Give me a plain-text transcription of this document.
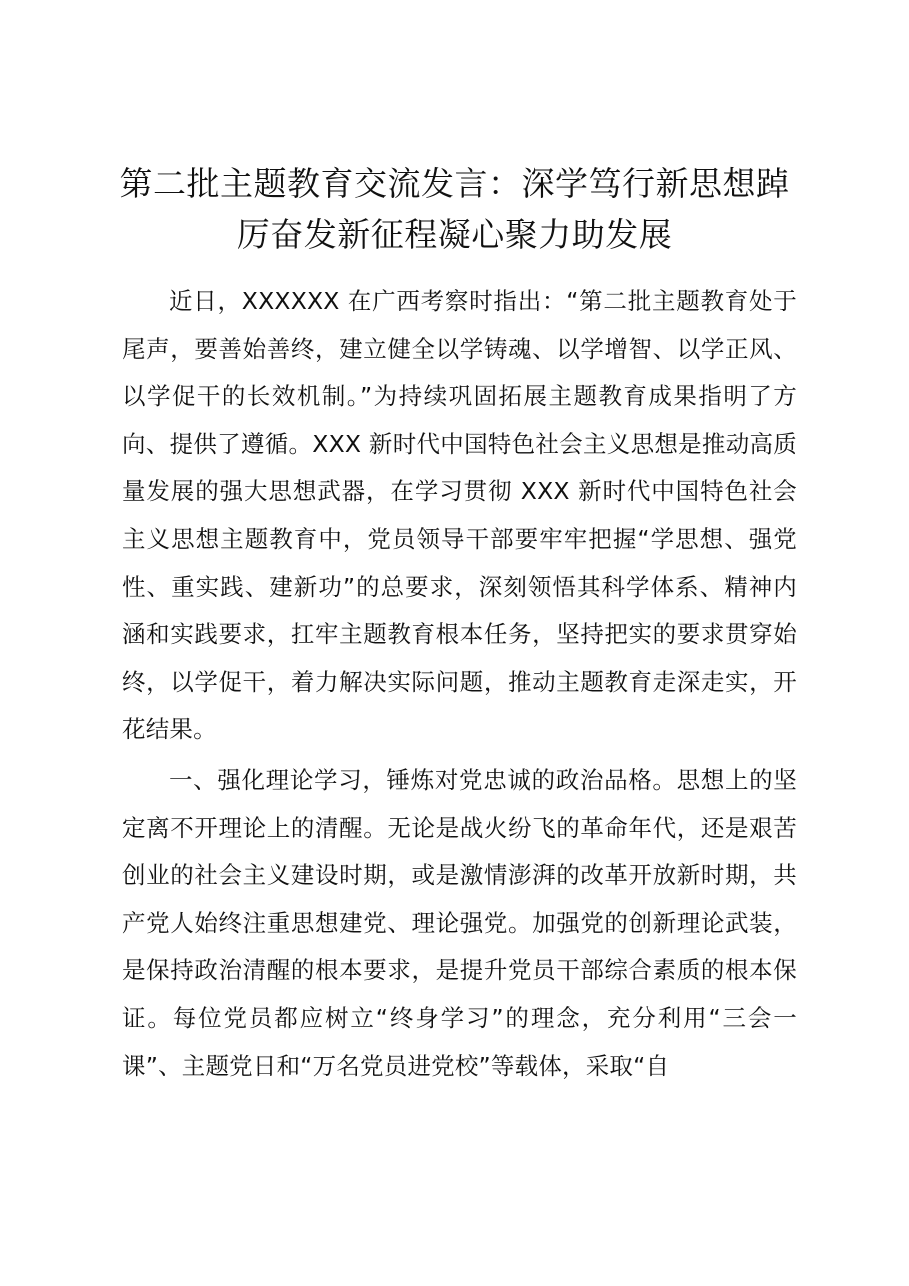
第二批主题教育交流发言：深学笃行新思想踔
厉奋发新征程凝心聚力助发展

近日，XXXXXX 在广西考察时指出：“第二批主题教育处于尾声，要善始善终，建立健全以学铸魂、以学增智、以学正风、以学促干的长效机制。”为持续巩固拓展主题教育成果指明了方向、提供了遵循。XXX 新时代中国特色社会主义思想是推动高质量发展的强大思想武器，在学习贯彻 XXX 新时代中国特色社会主义思想主题教育中，党员领导干部要牢牢把握“学思想、强党性、重实践、建新功”的总要求，深刻领悟其科学体系、精神内涵和实践要求，扛牢主题教育根本任务，坚持把实的要求贯穿始终，以学促干，着力解决实际问题，推动主题教育走深走实，开花结果。

一、强化理论学习，锤炼对党忠诚的政治品格。思想上的坚定离不开理论上的清醒。无论是战火纷飞的革命年代，还是艰苦创业的社会主义建设时期，或是激情澎湃的改革开放新时期，共产党人始终注重思想建党、理论强党。加强党的创新理论武装，是保持政治清醒的根本要求，是提升党员干部综合素质的根本保证。每位党员都应树立“终身学习”的理念，充分利用“三会一课”、主题党日和“万名党员进党校”等载体，采取“自
